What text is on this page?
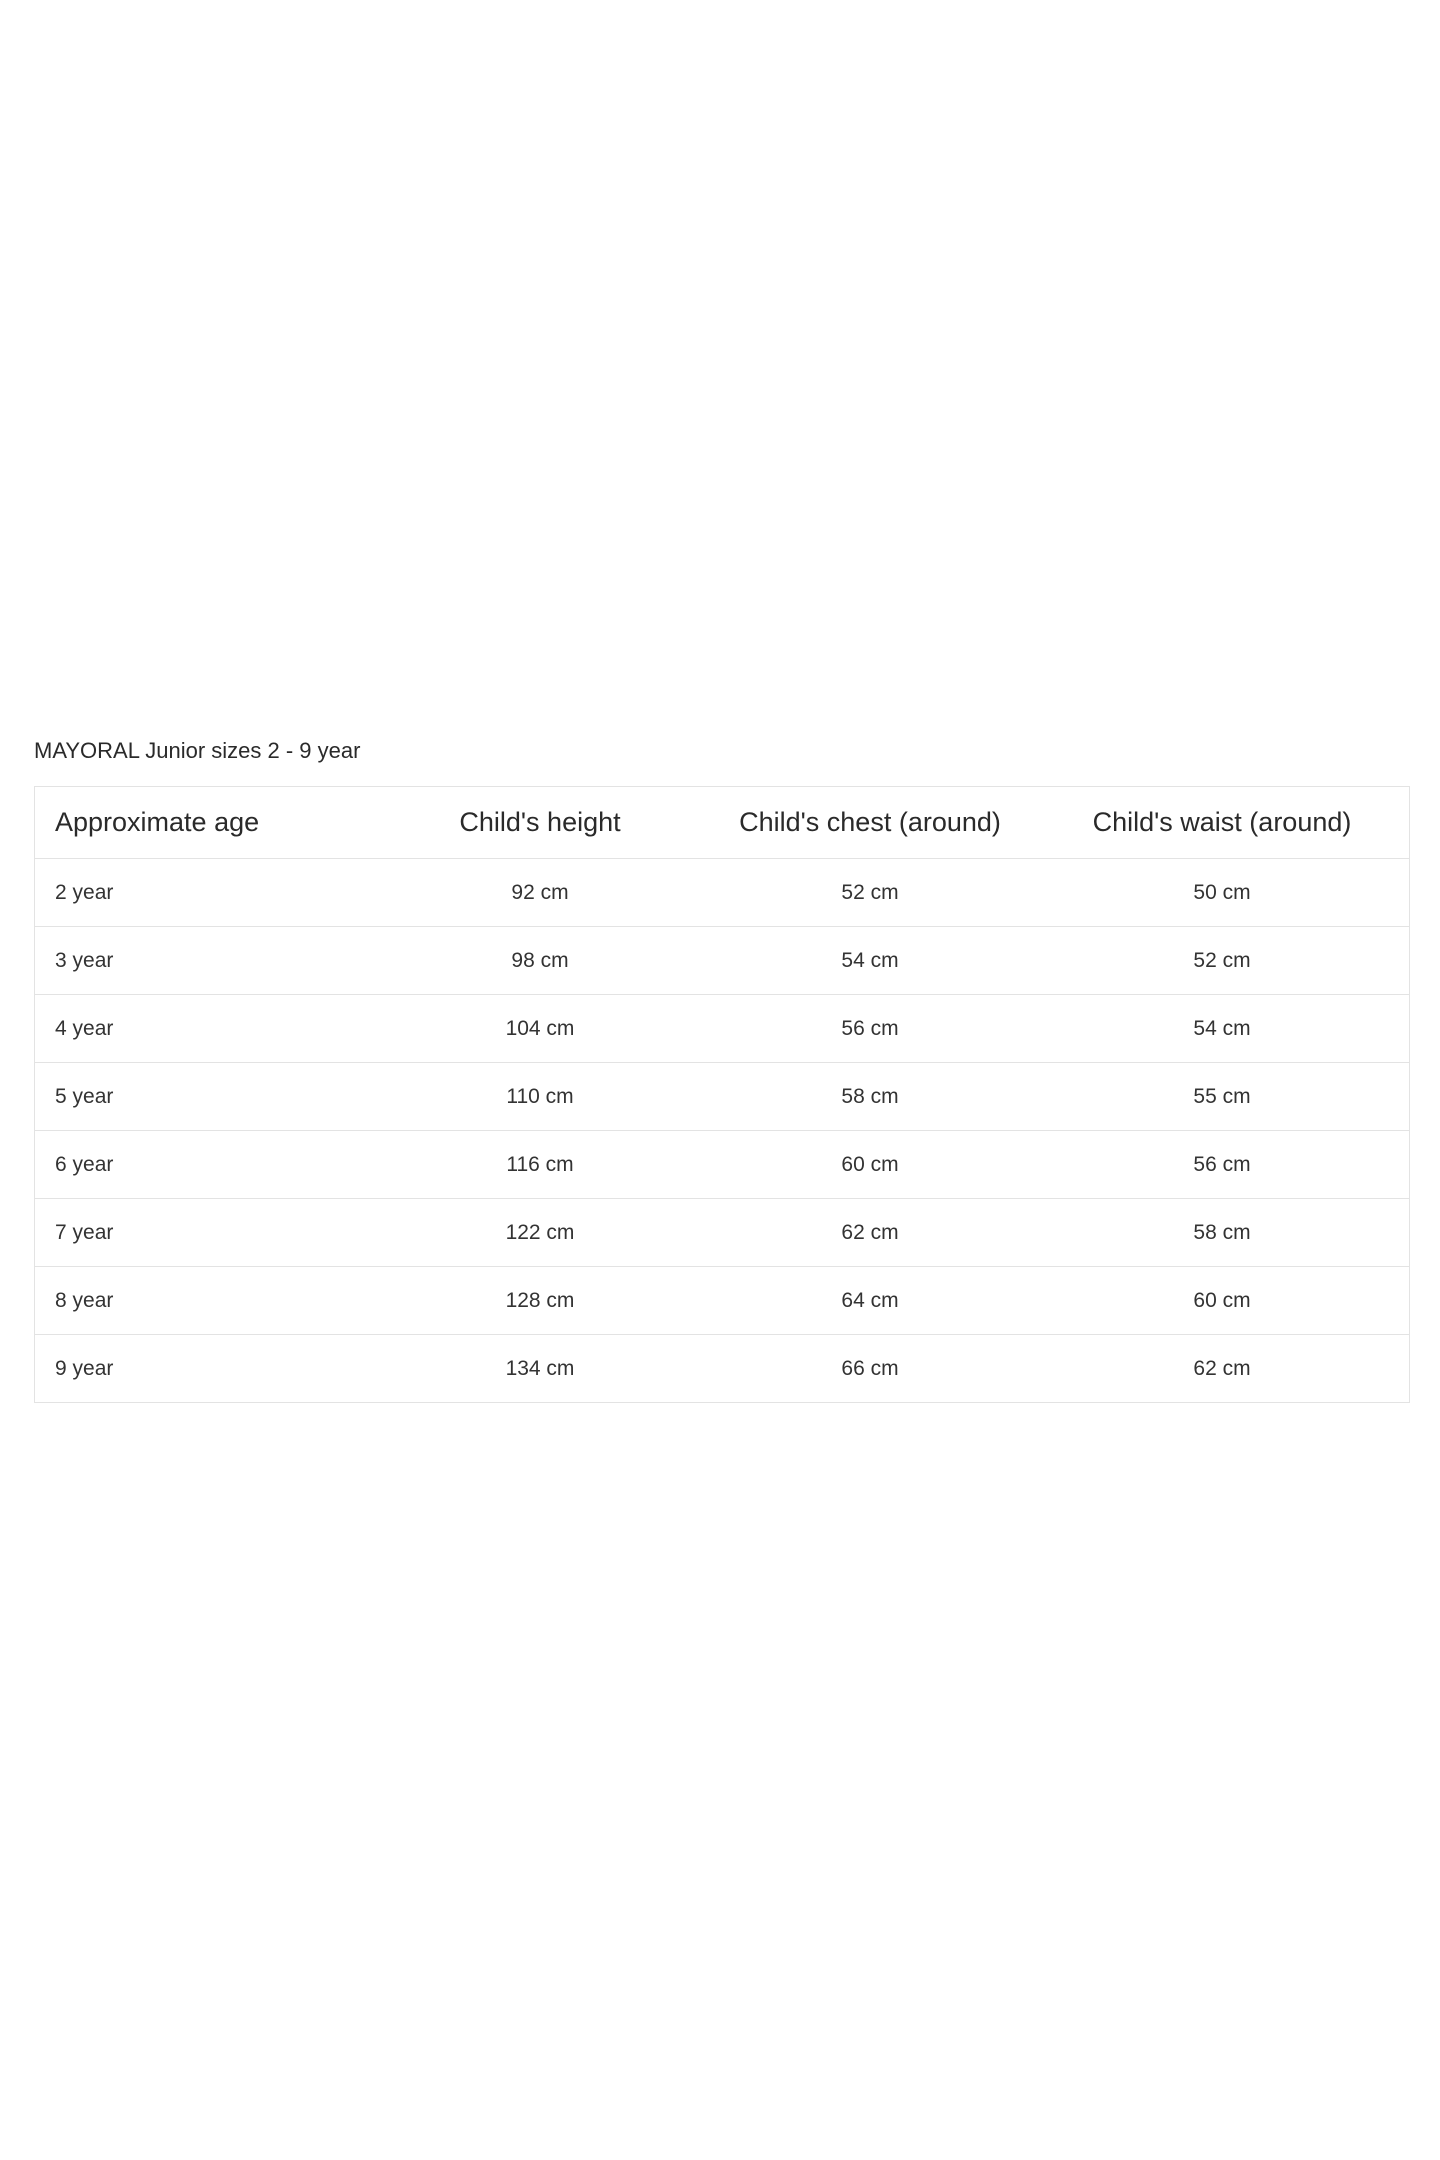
MAYORAL Junior sizes 2 - 9 year
Approximate age	Child's height	Child's chest (around)	Child's waist (around)
2 year	92 cm	52 cm	50 cm
3 year	98 cm	54 cm	52 cm
4 year	104 cm	56 cm	54 cm
5 year	110 cm	58 cm	55 cm
6 year	116 cm	60 cm	56 cm
7 year	122 cm	62 cm	58 cm
8 year	128 cm	64 cm	60 cm
9 year	134 cm	66 cm	62 cm
